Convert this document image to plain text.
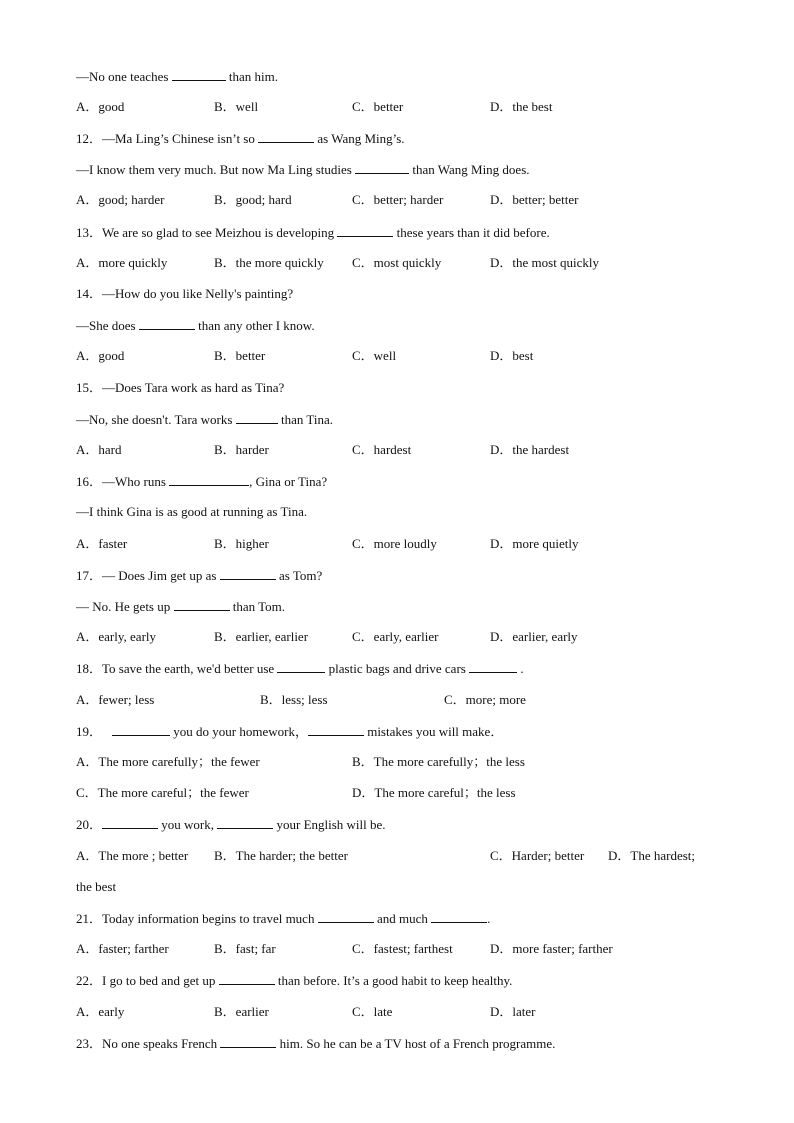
—No one teaches	than him.
A．good	B．well	C．better	D．the best
12．—Ma Ling’s Chinese isn’t so	as Wang Ming’s.
—I know them very much. But now Ma Ling studies	than Wang Ming does.
A．good; harder	B．good; hard	C．better; harder	D．better; better
13．We are so glad to see Meizhou is developing	these years than it did before.
A．more quickly	B．the more quickly C．most quickly	D．the most quickly
14．—How do you like Nelly's painting?
—She does	than any other I know.
A．good	B．better	C．well	D．best
15．—Does Tara work as hard as Tina?
—No, she doesn't. Tara works	than Tina.
A．hard	B．harder	C．hardest	D．the hardest
16．—Who runs	, Gina or Tina?
—I think Gina is as good at running as Tina.
A．faster	B．higher	C．more loudly	D．more quietly
17．— Does Jim get up as	as Tom?
— No. He gets up	than Tom.
A．early, early	B．earlier, earlier	C．early, earlier	D．earlier, early
18．To save the earth, we'd better use	plastic bags and drive cars	.
A．fewer; less	B．less; less	C．more; more
19．	you do your homework，	mistakes you will make．
A．The more carefully；the fewer	B．The more carefully；the less
C．The more careful；the fewer	D．The more careful；the less
20．	you work,	your English will be.
A．The more ; better B．The harder; the better	C．Harder; better D．The hardest;
the best
21．Today information begins to travel much	and much	.
A．faster; farther	B．fast; far	C．fastest; farthest	D．more faster; farther
22．I go to bed and get up	than before. It’s a good habit to keep healthy.
A．early	B．earlier	C．late	D．later
23．No one speaks French	him. So he can be a TV host of a French programme.
